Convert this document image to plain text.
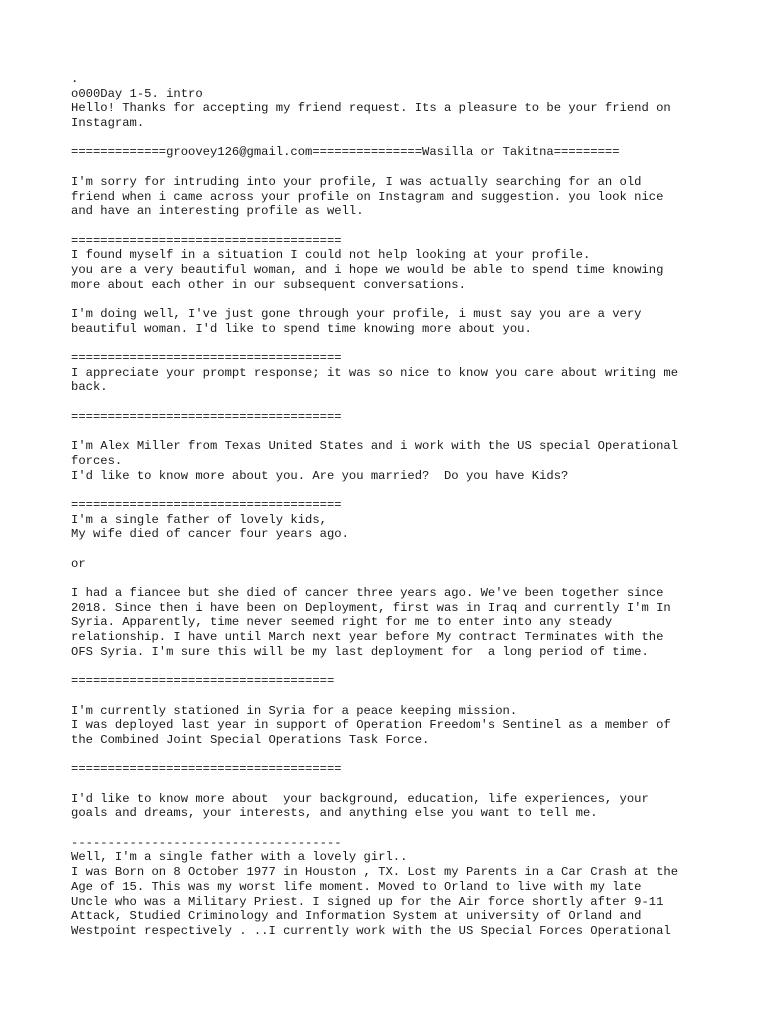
.
o000Day 1-5. intro
Hello! Thanks for accepting my friend request. Its a pleasure to be your friend on
Instagram.
=============groovey126@gmail.com===============Wasilla or Takitna=========
I'm sorry for intruding into your profile, I was actually searching for an old
friend when i came across your profile on Instagram and suggestion. you look nice
and have an interesting profile as well.
=====================================
I found myself in a situation I could not help looking at your profile.
you are a very beautiful woman, and i hope we would be able to spend time knowing
more about each other in our subsequent conversations.
I'm doing well, I've just gone through your profile, i must say you are a very
beautiful woman. I'd like to spend time knowing more about you.
=====================================
I appreciate your prompt response; it was so nice to know you care about writing me
back.
=====================================
I'm Alex Miller from Texas United States and i work with the US special Operational
forces.
I'd like to know more about you. Are you married?  Do you have Kids?
=====================================
I'm a single father of lovely kids,
My wife died of cancer four years ago.
or
I had a fiancee but she died of cancer three years ago. We've been together since
2018. Since then i have been on Deployment, first was in Iraq and currently I'm In
Syria. Apparently, time never seemed right for me to enter into any steady
relationship. I have until March next year before My contract Terminates with the
OFS Syria. I'm sure this will be my last deployment for  a long period of time.
====================================
I'm currently stationed in Syria for a peace keeping mission.
I was deployed last year in support of Operation Freedom's Sentinel as a member of
the Combined Joint Special Operations Task Force.
=====================================
I'd like to know more about  your background, education, life experiences, your
goals and dreams, your interests, and anything else you want to tell me.
-------------------------------------
Well, I'm a single father with a lovely girl..
I was Born on 8 October 1977 in Houston , TX. Lost my Parents in a Car Crash at the
Age of 15. This was my worst life moment. Moved to Orland to live with my late
Uncle who was a Military Priest. I signed up for the Air force shortly after 9-11
Attack, Studied Criminology and Information System at university of Orland and
Westpoint respectively . ..I currently work with the US Special Forces Operational
